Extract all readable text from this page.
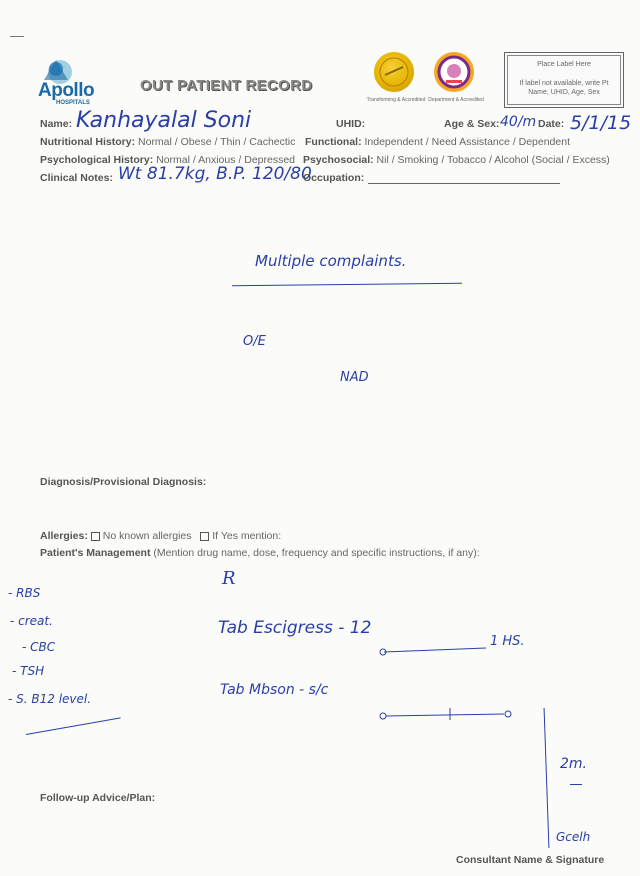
Apollo
HOSPITALS
OUT PATIENT RECORD
Transforming & Accredited Department & Accredited
Place Label Here
If label not available, write Pt Name, UHID, Age, Sex
Name: Kanhayalal Soni	UHID:	Age & Sex: 40/m Date: 5/1/15
Nutritional History: Normal / Obese / Thin / Cachectic Functional: Independent / Need Assistance / Dependent
Psychological History: Normal / Anxious / Depressed Psychosocial: Nil / Smoking / Tobacco / Alcohol (Social / Excess)
Clinical Notes: Wt 81.7kg, B.P. 120/80
Occupation:
Multiple complaints.
O/E
NAD
Diagnosis/Provisional Diagnosis:
Allergies: No known allergies If Yes mention:
Patient's Management (Mention drug name, dose, frequency and specific instructions, if any):
R
- RBS
- creat.
- CBC
- TSH
- S. B12 level.
Tab Escigress - 12
1 HS.
Tab Mbson - s/c
2m.
Follow-up Advice/Plan:
Gcelh
Consultant Name & Signature
